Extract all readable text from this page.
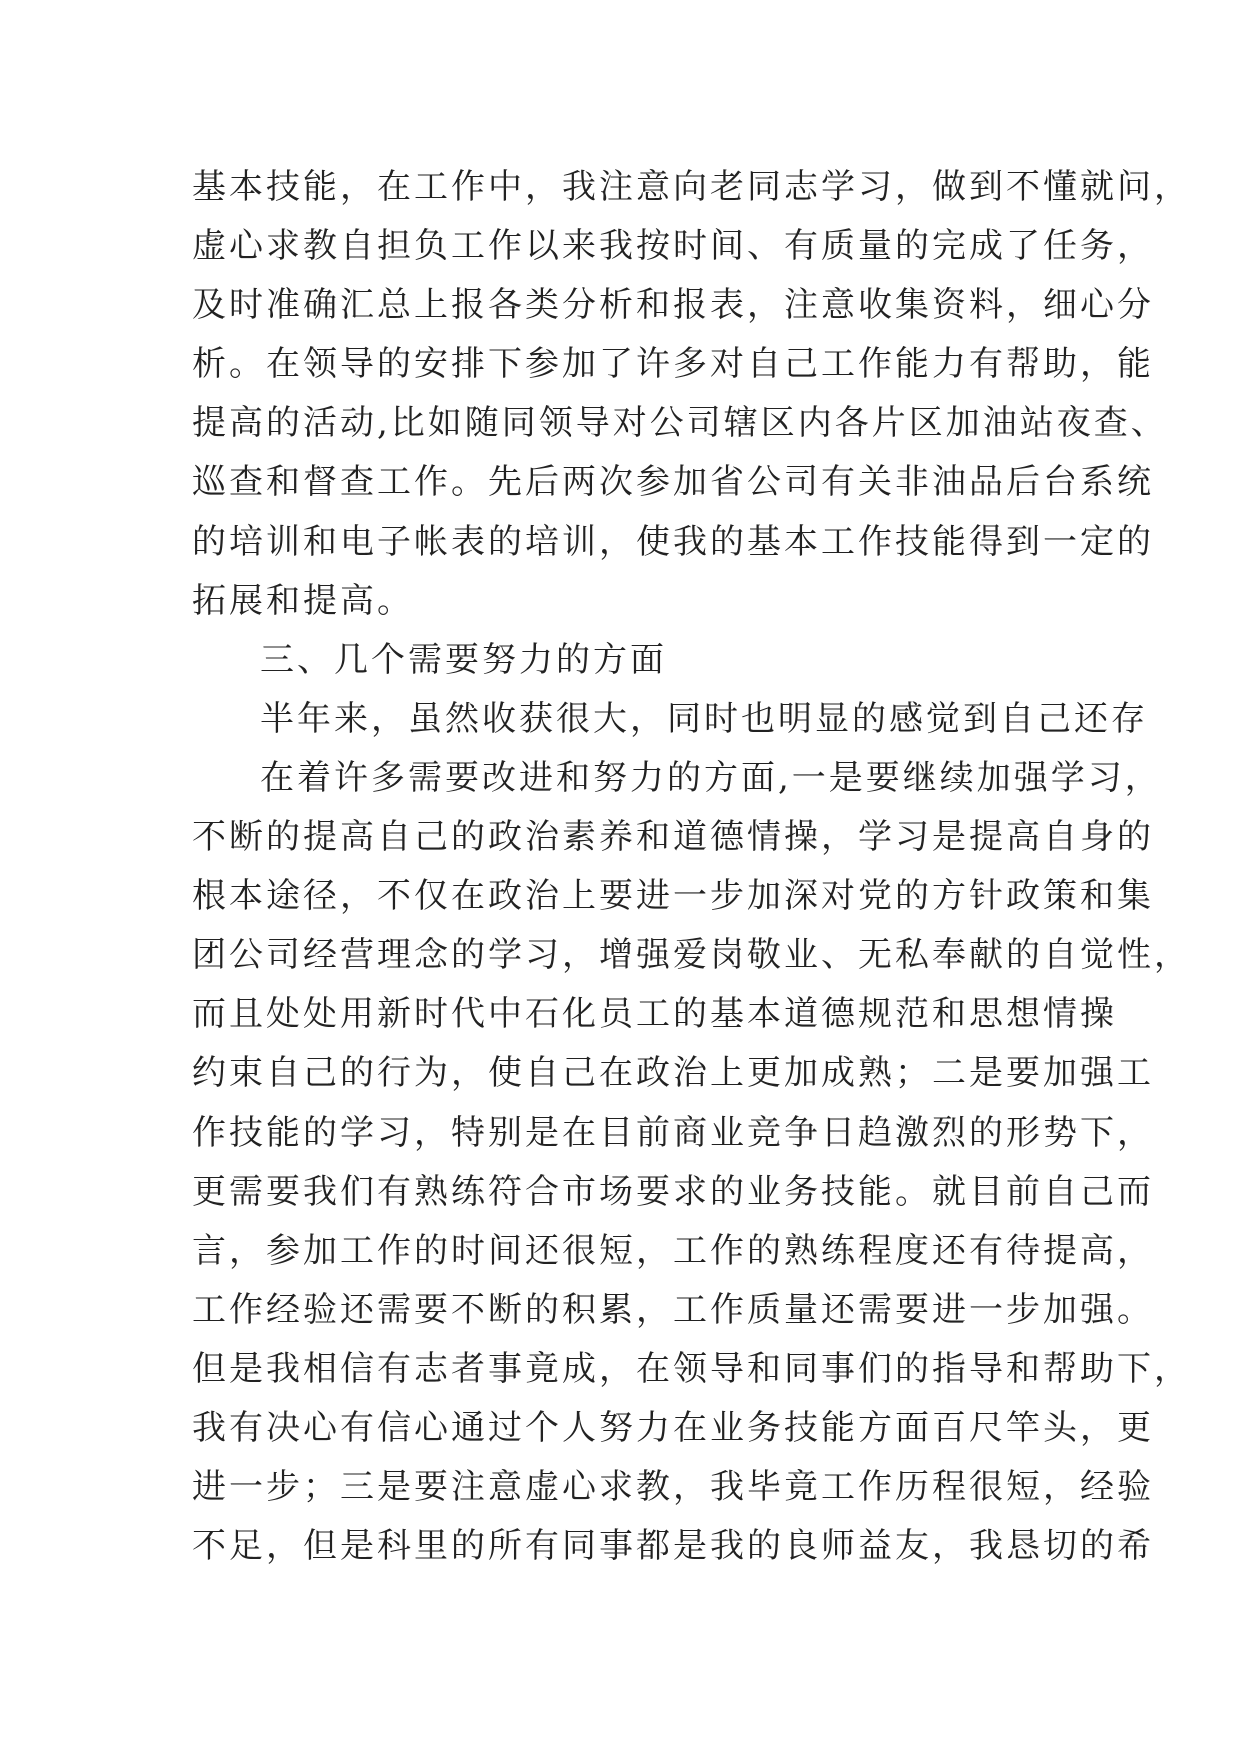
基本技能，在工作中，我注意向老同志学习，做到不懂就问，
虚心求教自担负工作以来我按时间、有质量的完成了任务，
及时准确汇总上报各类分析和报表，注意收集资料，细心分
析。在领导的安排下参加了许多对自己工作能力有帮助，能
提高的活动,比如随同领导对公司辖区内各片区加油站夜查、
巡查和督查工作。先后两次参加省公司有关非油品后台系统
的培训和电子帐表的培训，使我的基本工作技能得到一定的
拓展和提高。
三、几个需要努力的方面
半年来，虽然收获很大，同时也明显的感觉到自己还存
在着许多需要改进和努力的方面,一是要继续加强学习，
不断的提高自己的政治素养和道德情操，学习是提高自身的
根本途径，不仅在政治上要进一步加深对党的方针政策和集
团公司经营理念的学习，增强爱岗敬业、无私奉献的自觉性，
而且处处用新时代中石化员工的基本道德规范和思想情操
约束自己的行为，使自己在政治上更加成熟；二是要加强工
作技能的学习，特别是在目前商业竞争日趋激烈的形势下，
更需要我们有熟练符合市场要求的业务技能。就目前自己而
言，参加工作的时间还很短，工作的熟练程度还有待提高，
工作经验还需要不断的积累，工作质量还需要进一步加强。
但是我相信有志者事竟成，在领导和同事们的指导和帮助下，
我有决心有信心通过个人努力在业务技能方面百尺竿头，更
进一步；三是要注意虚心求教，我毕竟工作历程很短，经验
不足，但是科里的所有同事都是我的良师益友，我恳切的希
